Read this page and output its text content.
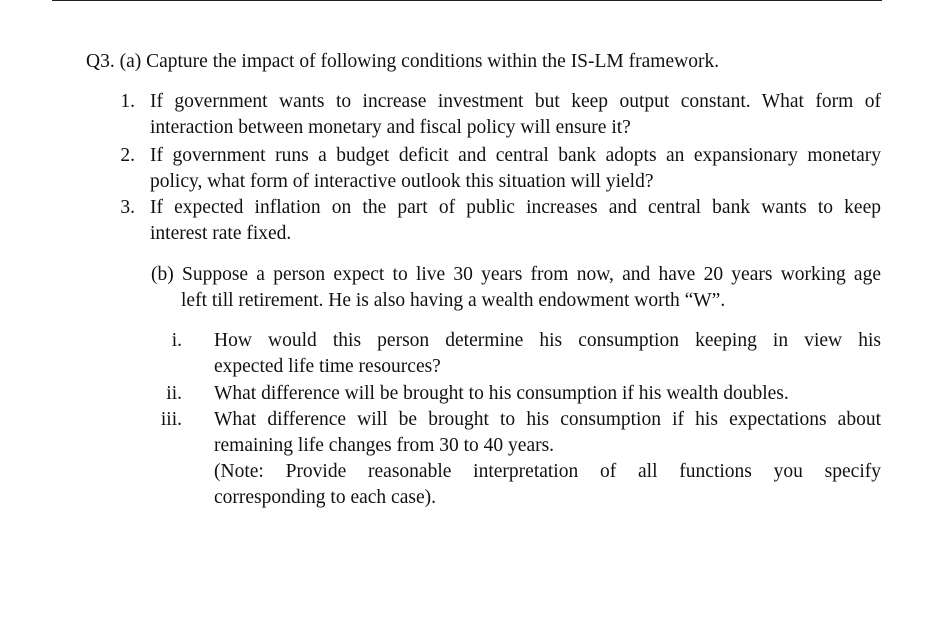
Q3. (a) Capture the impact of following conditions within the IS-LM framework.
1. If government wants to increase investment but keep output constant. What form of
interaction between monetary and fiscal policy will ensure it?
2. If government runs a budget deficit and central bank adopts an expansionary monetary
policy, what form of interactive outlook this situation will yield?
3. If expected inflation on the part of public increases and central bank wants to keep
interest rate fixed.
(b) Suppose a person expect to live 30 years from now, and have 20 years working age
left till retirement. He is also having a wealth endowment worth “W”.
i. How would this person determine his consumption keeping in view his
expected life time resources?
ii. What difference will be brought to his consumption if his wealth doubles.
iii. What difference will be brought to his consumption if his expectations about
remaining life changes from 30 to 40 years.
(Note: Provide reasonable interpretation of all functions you specify
corresponding to each case).
